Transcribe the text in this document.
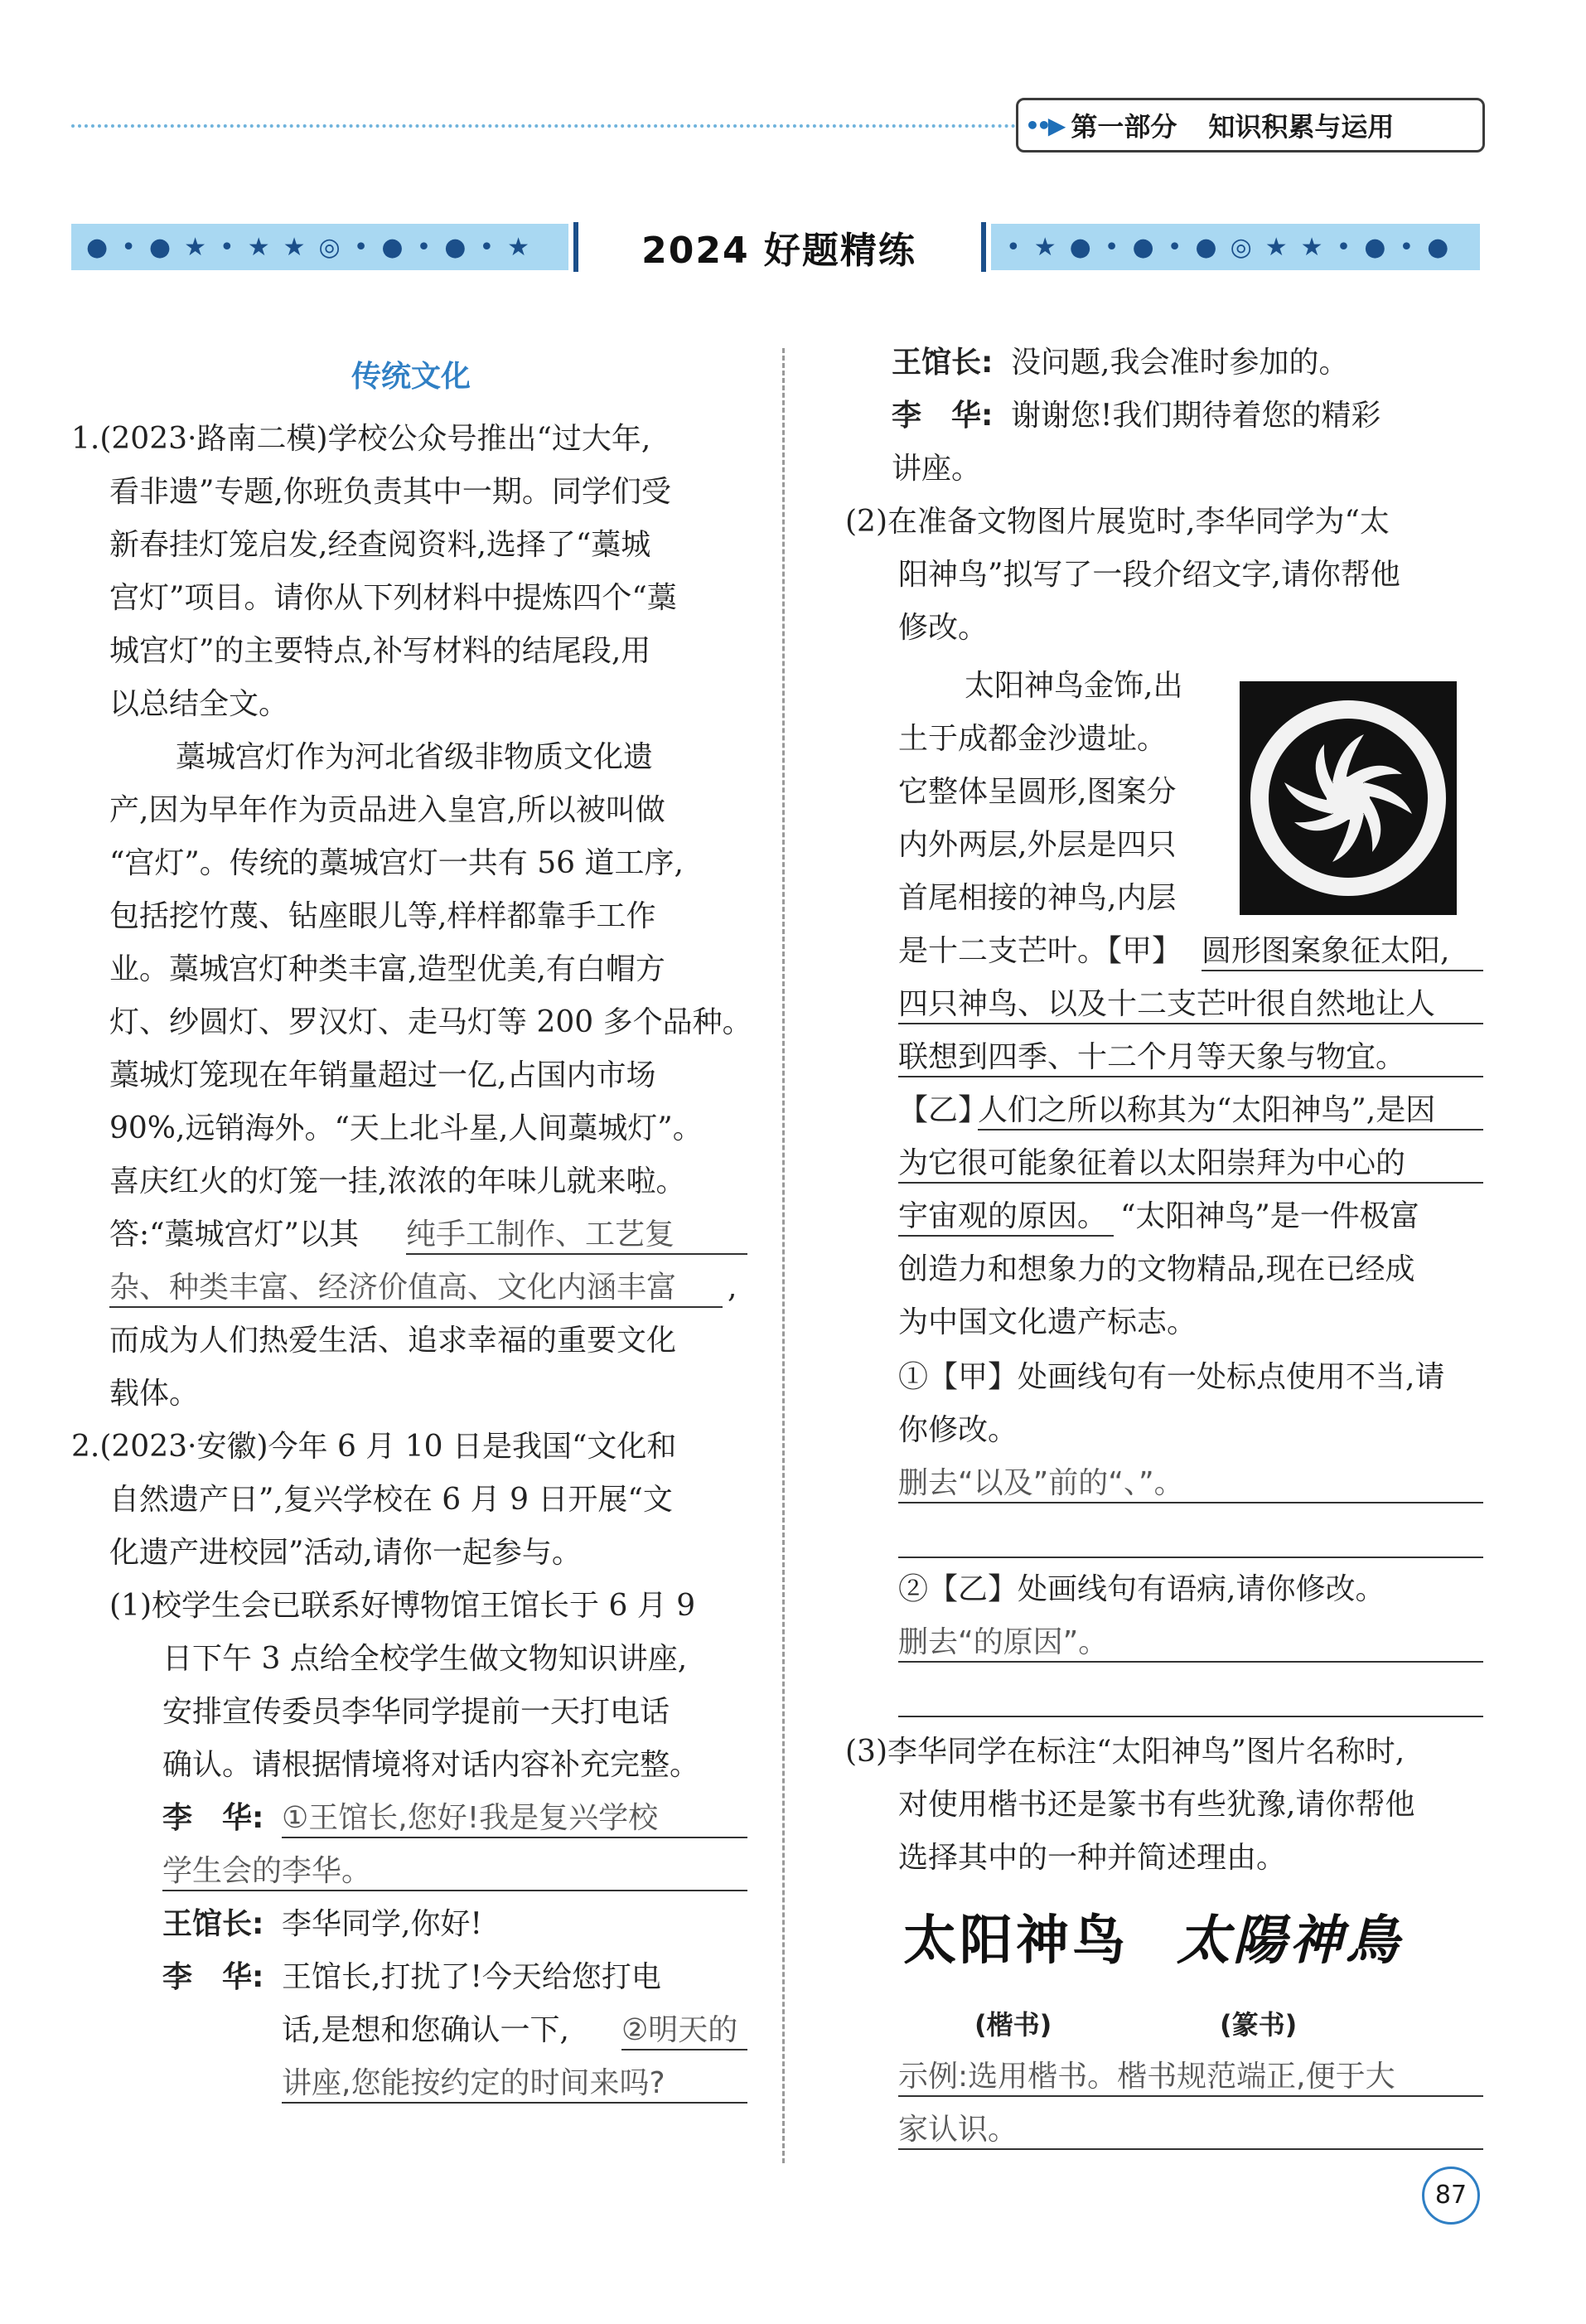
••▶ 第一部分 知识积累与运用
● • ● ★ • ★ ★ ◎ • ● • ● • ★	2024 好题精练	• ★ ● • ● • ● ◎ ★ ★ • ● • ●
传统文化
1.(2023·路南二模)学校公众号推出“过大年,
看非遗”专题,你班负责其中一期。同学们受
新春挂灯笼启发,经查阅资料,选择了“藁城
宫灯”项目。请你从下列材料中提炼四个“藁
城宫灯”的主要特点,补写材料的结尾段,用
以总结全文。
藁城宫灯作为河北省级非物质文化遗
产,因为早年作为贡品进入皇宫,所以被叫做
“宫灯”。传统的藁城宫灯一共有 56 道工序,
包括挖竹蔑、钻座眼儿等,样样都靠手工作
业。藁城宫灯种类丰富,造型优美,有白帽方
灯、纱圆灯、罗汉灯、走马灯等 200 多个品种。
藁城灯笼现在年销量超过一亿,占国内市场
90%,远销海外。“天上北斗星,人间藁城灯”。
喜庆红火的灯笼一挂,浓浓的年味儿就来啦。
答:“藁城宫灯”以其 纯手工制作、工艺复
杂、种类丰富、经济价值高、文化内涵丰富	,
而成为人们热爱生活、追求幸福的重要文化
载体。
2.(2023·安徽)今年 6 月 10 日是我国“文化和
自然遗产日”,复兴学校在 6 月 9 日开展“文
化遗产进校园”活动,请你一起参与。
(1)校学生会已联系好博物馆王馆长于 6 月 9
日下午 3 点给全校学生做文物知识讲座,
安排宣传委员李华同学提前一天打电话
确认。请根据情境将对话内容补充完整。
李　华: ①王馆长,您好!我是复兴学校
学生会的李华。
王馆长: 李华同学,你好!
李　华: 王馆长,打扰了!今天给您打电
话,是想和您确认一下, ②明天的
讲座,您能按约定的时间来吗?
王馆长: 没问题,我会准时参加的。
李　华: 谢谢您!我们期待着您的精彩
讲座。
(2)在准备文物图片展览时,李华同学为“太
阳神鸟”拟写了一段介绍文字,请你帮他
修改。
太阳神鸟金饰,出
土于成都金沙遗址。
它整体呈圆形,图案分
内外两层,外层是四只
首尾相接的神鸟,内层
是十二支芒叶。【甲】 圆形图案象征太阳,
四只神鸟、以及十二支芒叶很自然地让人
联想到四季、十二个月等天象与物宜。
【乙】
人们之所以称其为“太阳神鸟”,是因
为它很可能象征着以太阳崇拜为中心的
宇宙观的原因。 “太阳神鸟”是一件极富
创造力和想象力的文物精品,现在已经成
为中国文化遗产标志。
①【甲】处画线句有一处标点使用不当,请
你修改。
删去“以及”前的“、”。
②【乙】处画线句有语病,请你修改。
删去“的原因”。
(3)李华同学在标注“太阳神鸟”图片名称时,
对使用楷书还是篆书有些犹豫,请你帮他
选择其中的一种并简述理由。
太阳神鸟 太陽神鳥
(楷书)	(篆书)
示例:选用楷书。楷书规范端正,便于大
家认识。
87
